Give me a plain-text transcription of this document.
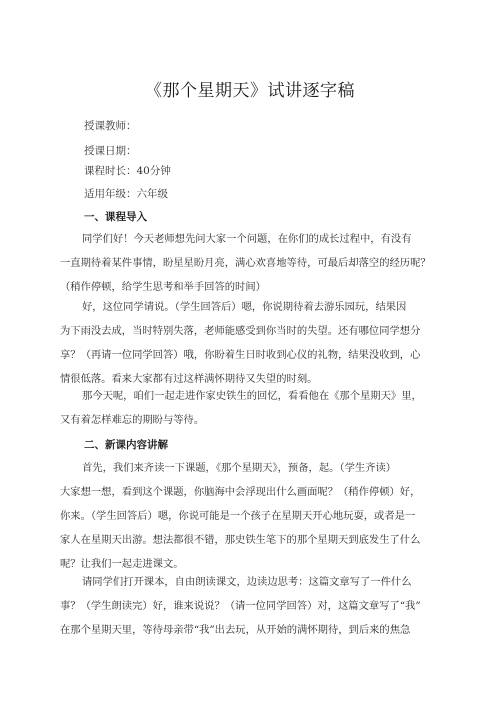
《那个星期天》试讲逐字稿
授课教师：
授课日期：
课程时长：40分钟
适用年级：六年级
一、课程导入
同学们好！今天老师想先问大家一个问题，在你们的成长过程中，有没有
一直期待着某件事情，盼星星盼月亮，满心欢喜地等待，可最后却落空的经历呢？
（稍作停顿，给学生思考和举手回答的时间）
好，这位同学请说。（学生回答后）嗯，你说期待着去游乐园玩，结果因
为下雨没去成，当时特别失落，老师能感受到你当时的失望。还有哪位同学想分
享？（再请一位同学回答）哦，你盼着生日时收到心仪的礼物，结果没收到，心
情很低落。看来大家都有过这样满怀期待又失望的时刻。
那今天呢，咱们一起走进作家史铁生的回忆，看看他在《那个星期天》里，
又有着怎样难忘的期盼与等待。
二、新课内容讲解
首先，我们来齐读一下课题，《那个星期天》，预备，起。（学生齐读）
大家想一想，看到这个课题，你脑海中会浮现出什么画面呢？（稍作停顿）好，
你来。（学生回答后）嗯，你说可能是一个孩子在星期天开心地玩耍，或者是一
家人在星期天出游。想法都很不错，那史铁生笔下的那个星期天到底发生了什么
呢？让我们一起走进课文。
请同学们打开课本，自由朗读课文，边读边思考：这篇文章写了一件什么
事？（学生朗读完）好，谁来说说？（请一位同学回答）对，这篇文章写了“我”
在那个星期天里，等待母亲带“我”出去玩，从开始的满怀期待，到后来的焦急
